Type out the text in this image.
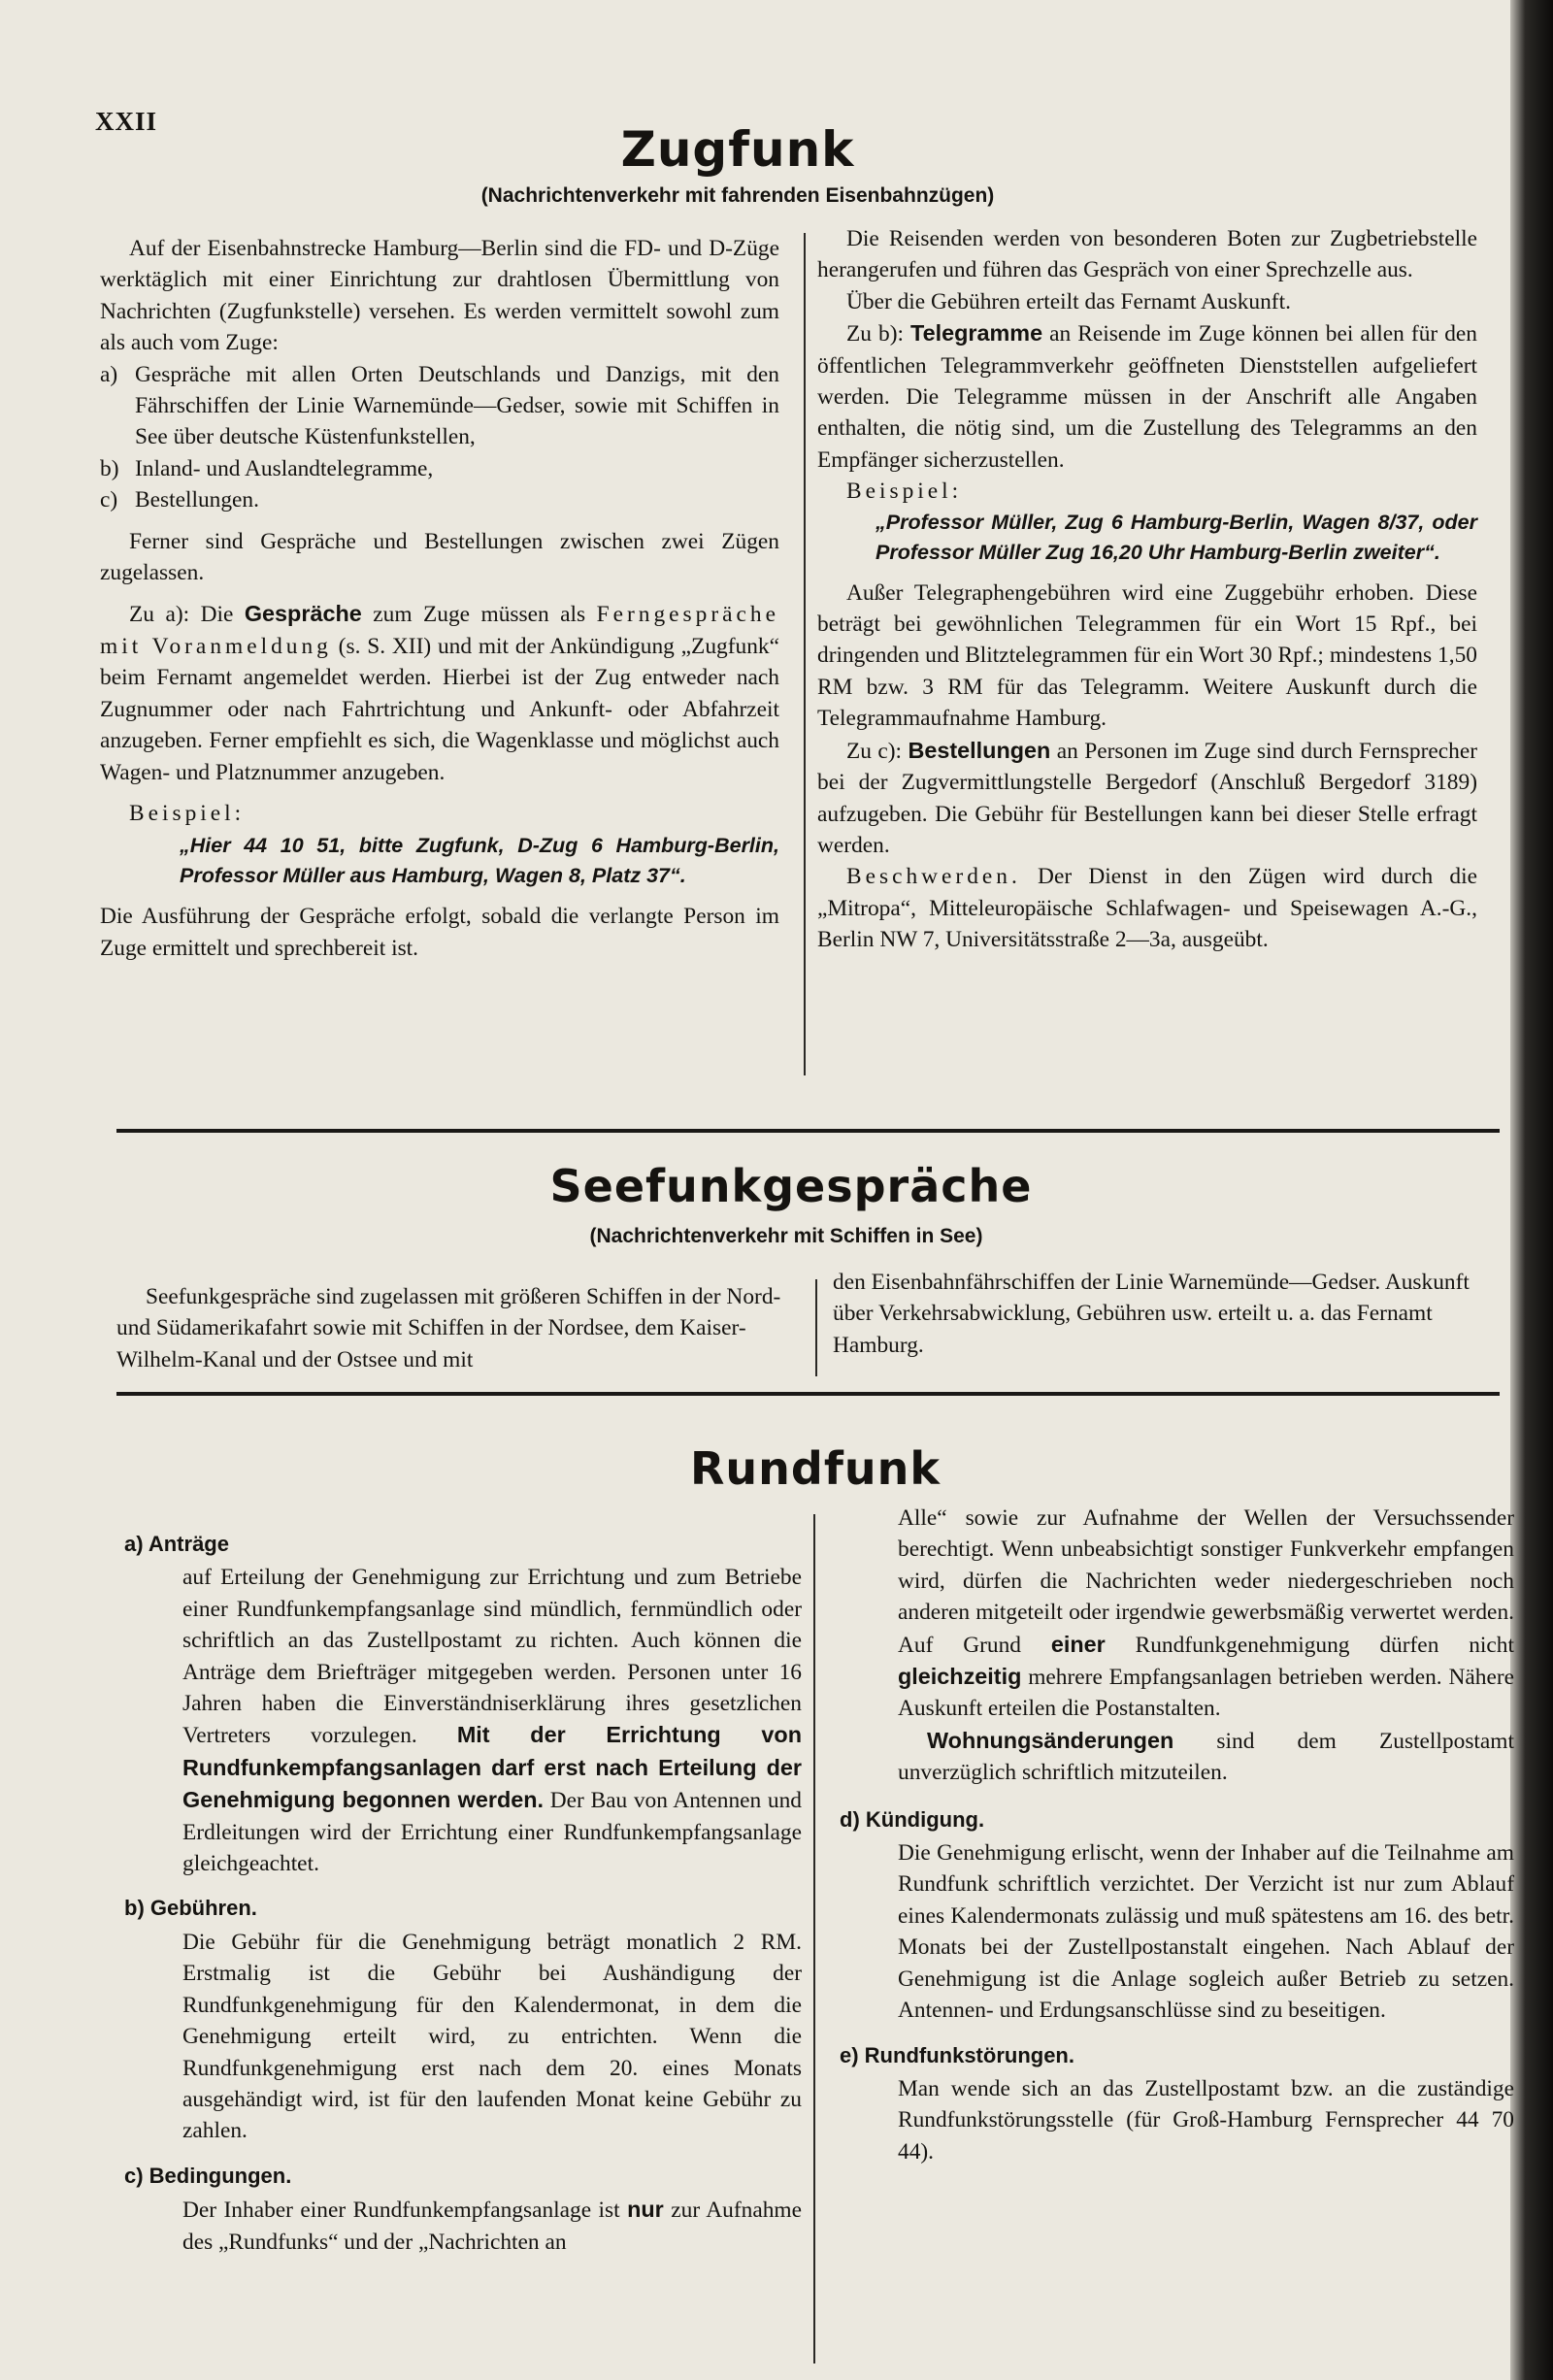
XXII	Zugfunk
(Nachrichtenverkehr mit fahrenden Eisenbahnzügen)

Auf der Eisenbahnstrecke Hamburg—Berlin sind die FD- und D-Züge werktäglich mit einer Einrichtung zur drahtlosen Übermittlung von Nachrichten (Zugfunkstelle) versehen. Es werden vermittelt sowohl zum als auch vom Zuge:

a) Gespräche mit allen Orten Deutschlands und Danzigs, mit den Fährschiffen der Linie Warnemünde—Gedser, sowie mit Schiffen in See über deutsche Küstenfunkstellen,
b) Inland- und Auslandtelegramme,
c) Bestellungen.

Ferner sind Gespräche und Bestellungen zwischen zwei Zügen zugelassen.

Zu a): Die Gespräche zum Zuge müssen als Ferngespräche mit Voranmeldung (s. S. XII) und mit der Ankündigung „Zugfunk“ beim Fernamt angemeldet werden. Hierbei ist der Zug entweder nach Zugnummer oder nach Fahrtrichtung und Ankunft- oder Abfahrzeit anzugeben. Ferner empfiehlt es sich, die Wagenklasse und möglichst auch Wagen- und Platznummer anzugeben.

Beispiel:

„Hier 44 10 51, bitte Zugfunk, D-Zug 6 Hamburg-Berlin, Professor Müller aus Hamburg, Wagen 8, Platz 37“.

Die Ausführung der Gespräche erfolgt, sobald die verlangte Person im Zuge ermittelt und sprechbereit ist.

Die Reisenden werden von besonderen Boten zur Zugbetriebstelle herangerufen und führen das Gespräch von einer Sprechzelle aus.

Über die Gebühren erteilt das Fernamt Auskunft.

Zu b): Telegramme an Reisende im Zuge können bei allen für den öffentlichen Telegrammverkehr geöffneten Dienststellen aufgeliefert werden. Die Telegramme müssen in der Anschrift alle Angaben enthalten, die nötig sind, um die Zustellung des Telegramms an den Empfänger sicherzustellen.

Beispiel:

„Professor Müller, Zug 6 Hamburg-Berlin, Wagen 8/37, oder Professor Müller Zug 16,20 Uhr Hamburg-Berlin zweiter“.

Außer Telegraphengebühren wird eine Zuggebühr erhoben. Diese beträgt bei gewöhnlichen Telegrammen für ein Wort 15 Rpf., bei dringenden und Blitztelegrammen für ein Wort 30 Rpf.; mindestens 1,50 RM bzw. 3 RM für das Telegramm. Weitere Auskunft durch die Telegrammaufnahme Hamburg.

Zu c): Bestellungen an Personen im Zuge sind durch Fernsprecher bei der Zugvermittlungstelle Bergedorf (Anschluß Bergedorf 3189) aufzugeben. Die Gebühr für Bestellungen kann bei dieser Stelle erfragt werden.

Beschwerden. Der Dienst in den Zügen wird durch die „Mitropa“, Mitteleuropäische Schlafwagen- und Speisewagen A.-G., Berlin NW 7, Universitätsstraße 2—3a, ausgeübt.

Seefunkgespräche
(Nachrichtenverkehr mit Schiffen in See)

Seefunkgespräche sind zugelassen mit größeren Schiffen in der Nord- und Südamerikafahrt sowie mit Schiffen in der Nordsee, dem Kaiser-Wilhelm-Kanal und der Ostsee und mit

den Eisenbahnfährschiffen der Linie Warnemünde—Gedser. Auskunft über Verkehrsabwicklung, Gebühren usw. erteilt u. a. das Fernamt Hamburg.

Rundfunk

a) Anträge

auf Erteilung der Genehmigung zur Errichtung und zum Betriebe einer Rundfunkempfangsanlage sind mündlich, fernmündlich oder schriftlich an das Zustellpostamt zu richten. Auch können die Anträge dem Briefträger mitgegeben werden. Personen unter 16 Jahren haben die Einverständniserklärung ihres gesetzlichen Vertreters vorzulegen. Mit der Errichtung von Rundfunkempfangsanlagen darf erst nach Erteilung der Genehmigung begonnen werden. Der Bau von Antennen und Erdleitungen wird der Errichtung einer Rundfunkempfangsanlage gleichgeachtet.

b) Gebühren.

Die Gebühr für die Genehmigung beträgt monatlich 2 RM. Erstmalig ist die Gebühr bei Aushändigung der Rundfunkgenehmigung für den Kalendermonat, in dem die Genehmigung erteilt wird, zu entrichten. Wenn die Rundfunkgenehmigung erst nach dem 20. eines Monats ausgehändigt wird, ist für den laufenden Monat keine Gebühr zu zahlen.

c) Bedingungen.

Der Inhaber einer Rundfunkempfangsanlage ist nur zur Aufnahme des „Rundfunks“ und der „Nachrichten an

Alle“ sowie zur Aufnahme der Wellen der Versuchssender berechtigt. Wenn unbeabsichtigt sonstiger Funkverkehr empfangen wird, dürfen die Nachrichten weder niedergeschrieben noch anderen mitgeteilt oder irgendwie gewerbsmäßig verwertet werden. Auf Grund einer Rundfunkgenehmigung dürfen nicht gleichzeitig mehrere Empfangsanlagen betrieben werden. Nähere Auskunft erteilen die Postanstalten.

Wohnungsänderungen sind dem Zustellpostamt unverzüglich schriftlich mitzuteilen.

d) Kündigung.

Die Genehmigung erlischt, wenn der Inhaber auf die Teilnahme am Rundfunk schriftlich verzichtet. Der Verzicht ist nur zum Ablauf eines Kalendermonats zulässig und muß spätestens am 16. des betr. Monats bei der Zustellpostanstalt eingehen. Nach Ablauf der Genehmigung ist die Anlage sogleich außer Betrieb zu setzen. Antennen- und Erdungsanschlüsse sind zu beseitigen.

e) Rundfunkstörungen.

Man wende sich an das Zustellpostamt bzw. an die zuständige Rundfunkstörungsstelle (für Groß-Hamburg Fernsprecher 44 70 44).
